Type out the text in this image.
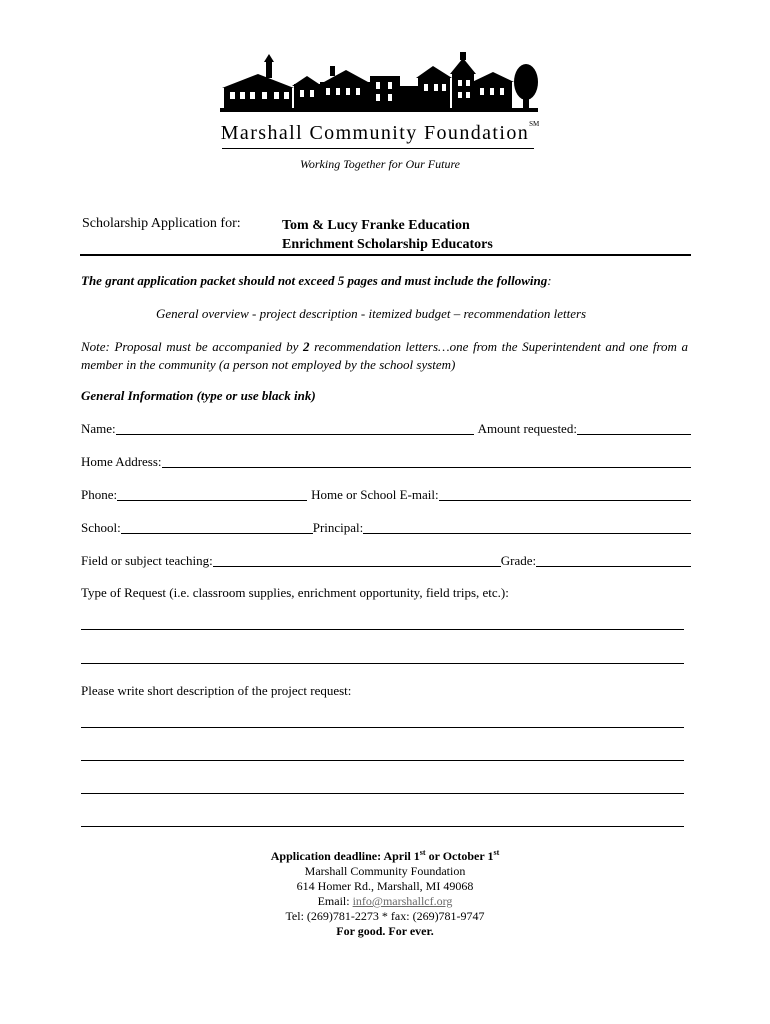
Marshall Community Foundation℠
Working Together for Our Future
Scholarship Application for:	Tom & Lucy Franke Education
Enrichment Scholarship Educators
The grant application packet should not exceed 5 pages and must include the following:
General overview - project description - itemized budget – recommendation letters
Note: Proposal must be accompanied by 2 recommendation letters…one from the Superintendent and one from a member in the community (a person not employed by the school system)
General Information (type or use black ink)
Name:	Amount requested:
Home Address:
Phone:	Home or School E-mail:
School:	Principal:
Field or subject teaching:	Grade:
Type of Request (i.e. classroom supplies, enrichment opportunity, field trips, etc.):
Please write short description of the project request:
Application deadline: April 1st or October 1st
Marshall Community Foundation
614 Homer Rd., Marshall, MI 49068
Email: info@marshallcf.org
Tel: (269)781-2273 * fax: (269)781-9747
For good. For ever.
